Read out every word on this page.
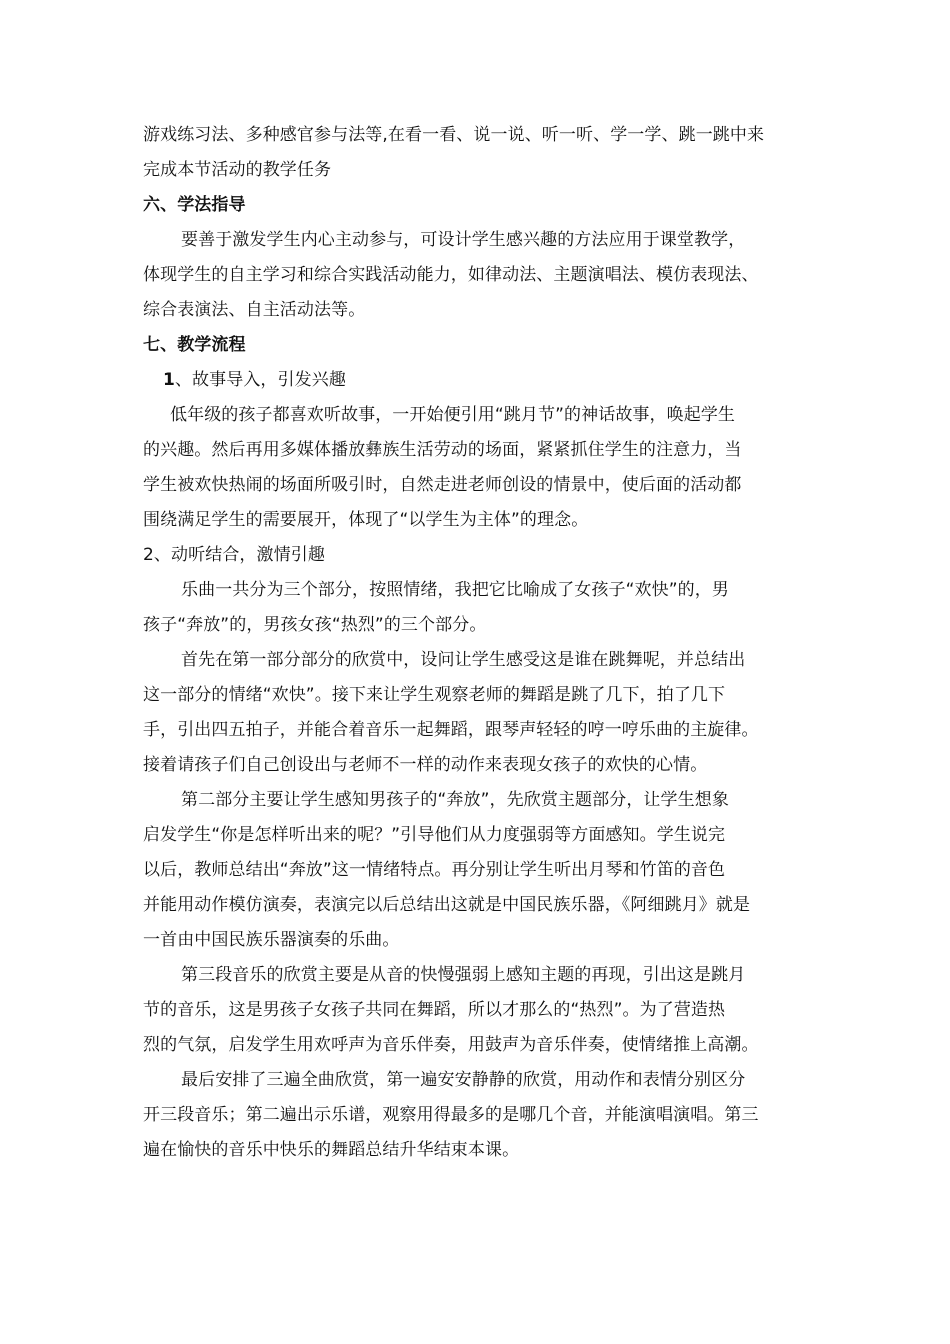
游戏练习法、多种感官参与法等,在看一看、说一说、听一听、学一学、跳一跳中来
完成本节活动的教学任务
六、学法指导
要善于激发学生内心主动参与，可设计学生感兴趣的方法应用于课堂教学，
体现学生的自主学习和综合实践活动能力，如律动法、主题演唱法、模仿表现法、
综合表演法、自主活动法等。
七、教学流程
1、故事导入，引发兴趣
低年级的孩子都喜欢听故事，一开始便引用“跳月节”的神话故事，唤起学生
的兴趣。然后再用多媒体播放彝族生活劳动的场面，紧紧抓住学生的注意力，当
学生被欢快热闹的场面所吸引时，自然走进老师创设的情景中，使后面的活动都
围绕满足学生的需要展开，体现了“以学生为主体”的理念。
2、动听结合，激情引趣
乐曲一共分为三个部分，按照情绪，我把它比喻成了女孩子“欢快”的，男
孩子“奔放”的，男孩女孩“热烈”的三个部分。
首先在第一部分部分的欣赏中，设问让学生感受这是谁在跳舞呢，并总结出
这一部分的情绪“欢快”。接下来让学生观察老师的舞蹈是跳了几下，拍了几下
手，引出四五拍子，并能合着音乐一起舞蹈，跟琴声轻轻的哼一哼乐曲的主旋律。
接着请孩子们自己创设出与老师不一样的动作来表现女孩子的欢快的心情。
第二部分主要让学生感知男孩子的“奔放”，先欣赏主题部分，让学生想象
启发学生“你是怎样听出来的呢？”引导他们从力度强弱等方面感知。学生说完
以后，教师总结出“奔放”这一情绪特点。再分别让学生听出月琴和竹笛的音色
并能用动作模仿演奏，表演完以后总结出这就是中国民族乐器，《阿细跳月》就是
一首由中国民族乐器演奏的乐曲。
第三段音乐的欣赏主要是从音的快慢强弱上感知主题的再现，引出这是跳月
节的音乐，这是男孩子女孩子共同在舞蹈，所以才那么的“热烈”。为了营造热
烈的气氛，启发学生用欢呼声为音乐伴奏，用鼓声为音乐伴奏，使情绪推上高潮。
最后安排了三遍全曲欣赏，第一遍安安静静的欣赏，用动作和表情分别区分
开三段音乐；第二遍出示乐谱，观察用得最多的是哪几个音，并能演唱演唱。第三
遍在愉快的音乐中快乐的舞蹈总结升华结束本课。
